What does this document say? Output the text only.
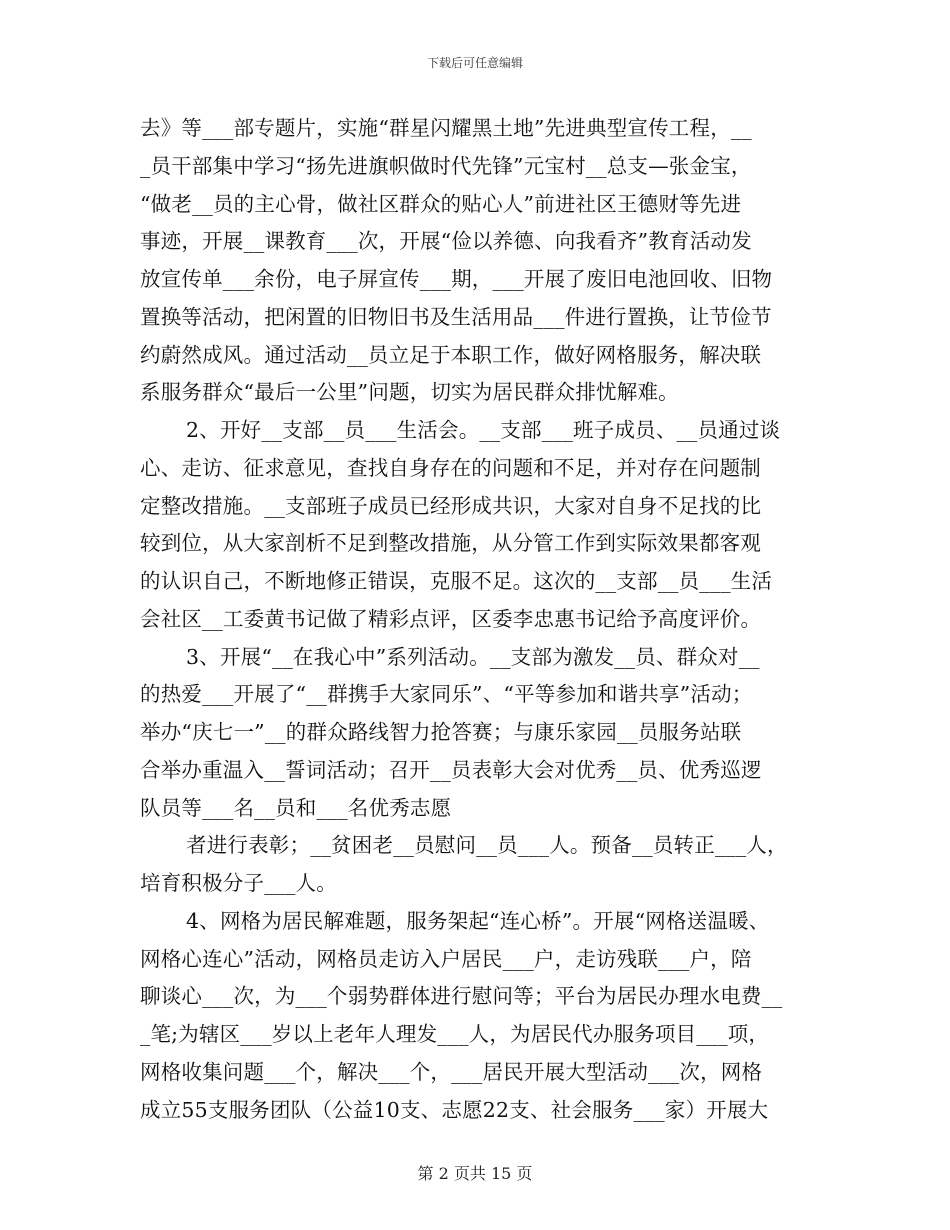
下载后可任意编辑
去》等___部专题片，实施“群星闪耀黑土地”先进典型宣传工程，__
_员干部集中学习“扬先进旗帜做时代先锋”元宝村__总支—张金宝，
“做老__员的主心骨，做社区群众的贴心人”前进社区王德财等先进
事迹，开展__课教育___次，开展“俭以养德、向我看齐”教育活动发
放宣传单___余份，电子屏宣传___期，___开展了废旧电池回收、旧物
置换等活动，把闲置的旧物旧书及生活用品___件进行置换，让节俭节
约蔚然成风。通过活动__员立足于本职工作，做好网格服务，解决联
系服务群众“最后一公里”问题，切实为居民群众排忧解难。
2、开好__支部__员___生活会。__支部___班子成员、__员通过谈
心、走访、征求意见，查找自身存在的问题和不足，并对存在问题制
定整改措施。__支部班子成员已经形成共识，大家对自身不足找的比
较到位，从大家剖析不足到整改措施，从分管工作到实际效果都客观
的认识自己，不断地修正错误，克服不足。这次的__支部__员___生活
会社区__工委黄书记做了精彩点评，区委李忠惠书记给予高度评价。
3、开展“__在我心中”系列活动。__支部为激发__员、群众对__
的热爱___开展了“__群携手大家同乐”、“平等参加和谐共享”活动；
举办“庆七一”__的群众路线智力抢答赛；与康乐家园__员服务站联
合举办重温入__誓词活动；召开__员表彰大会对优秀__员、优秀巡逻
队员等___名__员和___名优秀志愿
者进行表彰；__贫困老__员慰问__员___人。预备__员转正___人，
培育积极分子___人。
4、网格为居民解难题，服务架起“连心桥”。开展“网格送温暖、
网格心连心”活动，网格员走访入户居民___户，走访残联___户，陪
聊谈心___次，为___个弱势群体进行慰问等；平台为居民办理水电费__
_笔;为辖区___岁以上老年人理发___人，为居民代办服务项目___项，
网格收集问题___个，解决___个，___居民开展大型活动___次，网格
成立55支服务团队（公益10支、志愿22支、社会服务___家）开展大
第 2 页共 15 页
